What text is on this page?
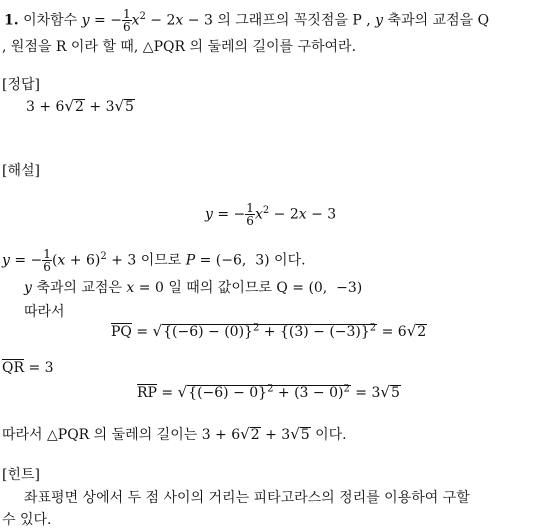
1. 이차함수 y = − $\frac{1}{6} x^2 - 2x - 3$ 의 그래프의 꼭짓점을 P , y 축과의 교점을 Q
, 원점을 R 이라 할 때, △PQR 의 둘레의 길이를 구하여라.
[정답]
3 + 6√2 + 3√5
[해설]
y = − $\frac{1}{6} x^2 - 2x - 3$
y = − $\frac{1}{6} (x + 6)^2 + 3$ 이므로 P = (−6,  3) 이다.
y 축과의 교점은 x = 0 일 때의 값이므로 Q = (0,  −3)
따라서
$\overline{PQ} = √\{(-6) - (0)\}^2 + \{(3) - (-3)\}^2 = 6√2$
$\overline{QR} = 3$
$\overline{RP} = √\{(-6) - 0\}^2 + (3 - 0)^2 = 3√5$
따라서 △PQR 의 둘레의 길이는 3 + 6√2 + 3√5 이다.
[힌트]
좌표평면 상에서 두 점 사이의 거리는 피타고라스의 정리를 이용하여 구할
수 있다.
